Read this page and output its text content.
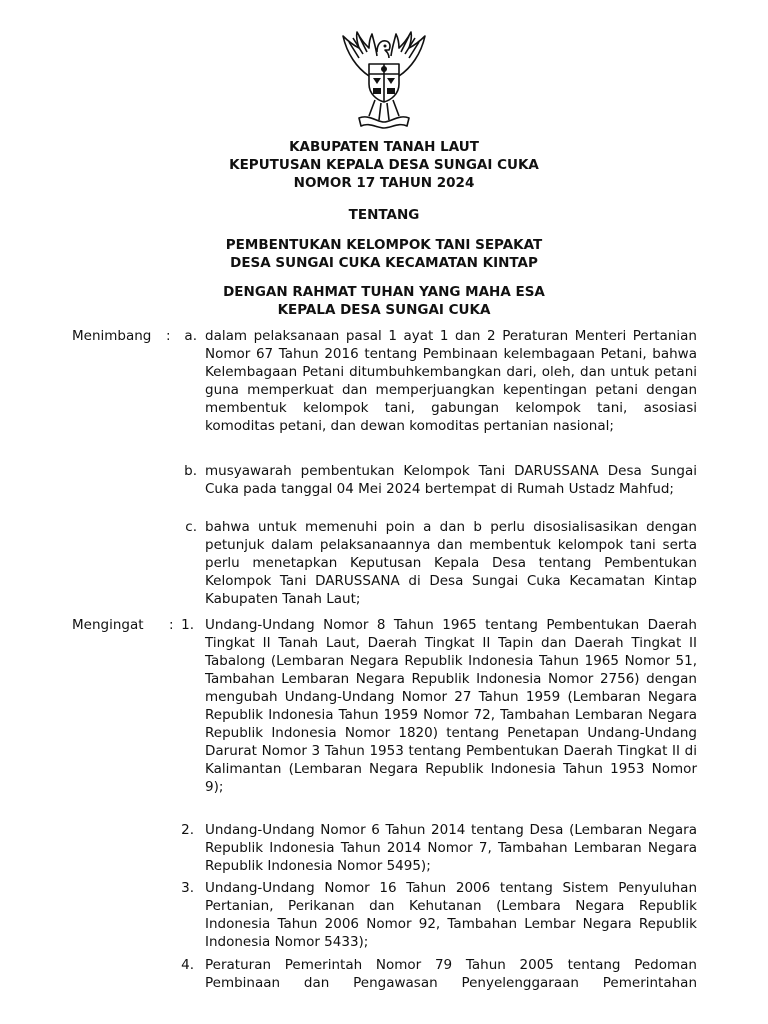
KABUPATEN TANAH LAUT
KEPUTUSAN KEPALA DESA SUNGAI CUKA
NOMOR 17 TAHUN 2024
TENTANG
PEMBENTUKAN KELOMPOK TANI SEPAKAT
DESA SUNGAI CUKA KECAMATAN KINTAP
DENGAN RAHMAT TUHAN YANG MAHA ESA
KEPALA DESA SUNGAI CUKA
Menimbang	:	a. dalam pelaksanaan pasal 1 ayat 1 dan 2 Peraturan Menteri Pertanian Nomor 67 Tahun 2016 tentang Pembinaan kelembagaan Petani, bahwa Kelembagaan Petani ditumbuhkembangkan dari, oleh, dan untuk petani guna memperkuat dan memperjuangkan kepentingan petani dengan membentuk kelompok tani, gabungan kelompok tani, asosiasi komoditas petani, dan dewan komoditas pertanian nasional;

b. musyawarah pembentukan Kelompok Tani DARUSSANA Desa Sungai Cuka pada tanggal 04 Mei 2024 bertempat di Rumah Ustadz Mahfud;

c. bahwa untuk memenuhi poin a dan b perlu disosialisasikan dengan petunjuk dalam pelaksanaannya dan membentuk kelompok tani serta perlu menetapkan Keputusan Kepala Desa tentang Pembentukan Kelompok Tani DARUSSANA di Desa Sungai Cuka Kecamatan Kintap Kabupaten Tanah Laut;

Mengingat	: 1. Undang-Undang Nomor 8 Tahun 1965 tentang Pembentukan Daerah Tingkat II Tanah Laut, Daerah Tingkat II Tapin dan Daerah Tingkat II Tabalong (Lembaran Negara Republik Indonesia Tahun 1965 Nomor 51, Tambahan Lembaran Negara Republik Indonesia Nomor 2756) dengan mengubah Undang-Undang Nomor 27 Tahun 1959 (Lembaran Negara Republik Indonesia Tahun 1959 Nomor 72, Tambahan Lembaran Negara Republik Indonesia Nomor 1820) tentang Penetapan Undang-Undang Darurat Nomor 3 Tahun 1953 tentang Pembentukan Daerah Tingkat II di Kalimantan (Lembaran Negara Republik Indonesia Tahun 1953 Nomor 9);

2. Undang-Undang Nomor 6 Tahun 2014 tentang Desa (Lembaran Negara Republik Indonesia Tahun 2014 Nomor 7, Tambahan Lembaran Negara Republik Indonesia Nomor 5495);

3. Undang-Undang Nomor 16 Tahun 2006 tentang Sistem Penyuluhan Pertanian, Perikanan dan Kehutanan (Lembara Negara Republik Indonesia Tahun 2006 Nomor 92, Tambahan Lembar Negara Republik Indonesia Nomor 5433);

4. Peraturan Pemerintah Nomor 79 Tahun 2005 tentang Pedoman Pembinaan dan Pengawasan Penyelenggaraan Pemerintahan
